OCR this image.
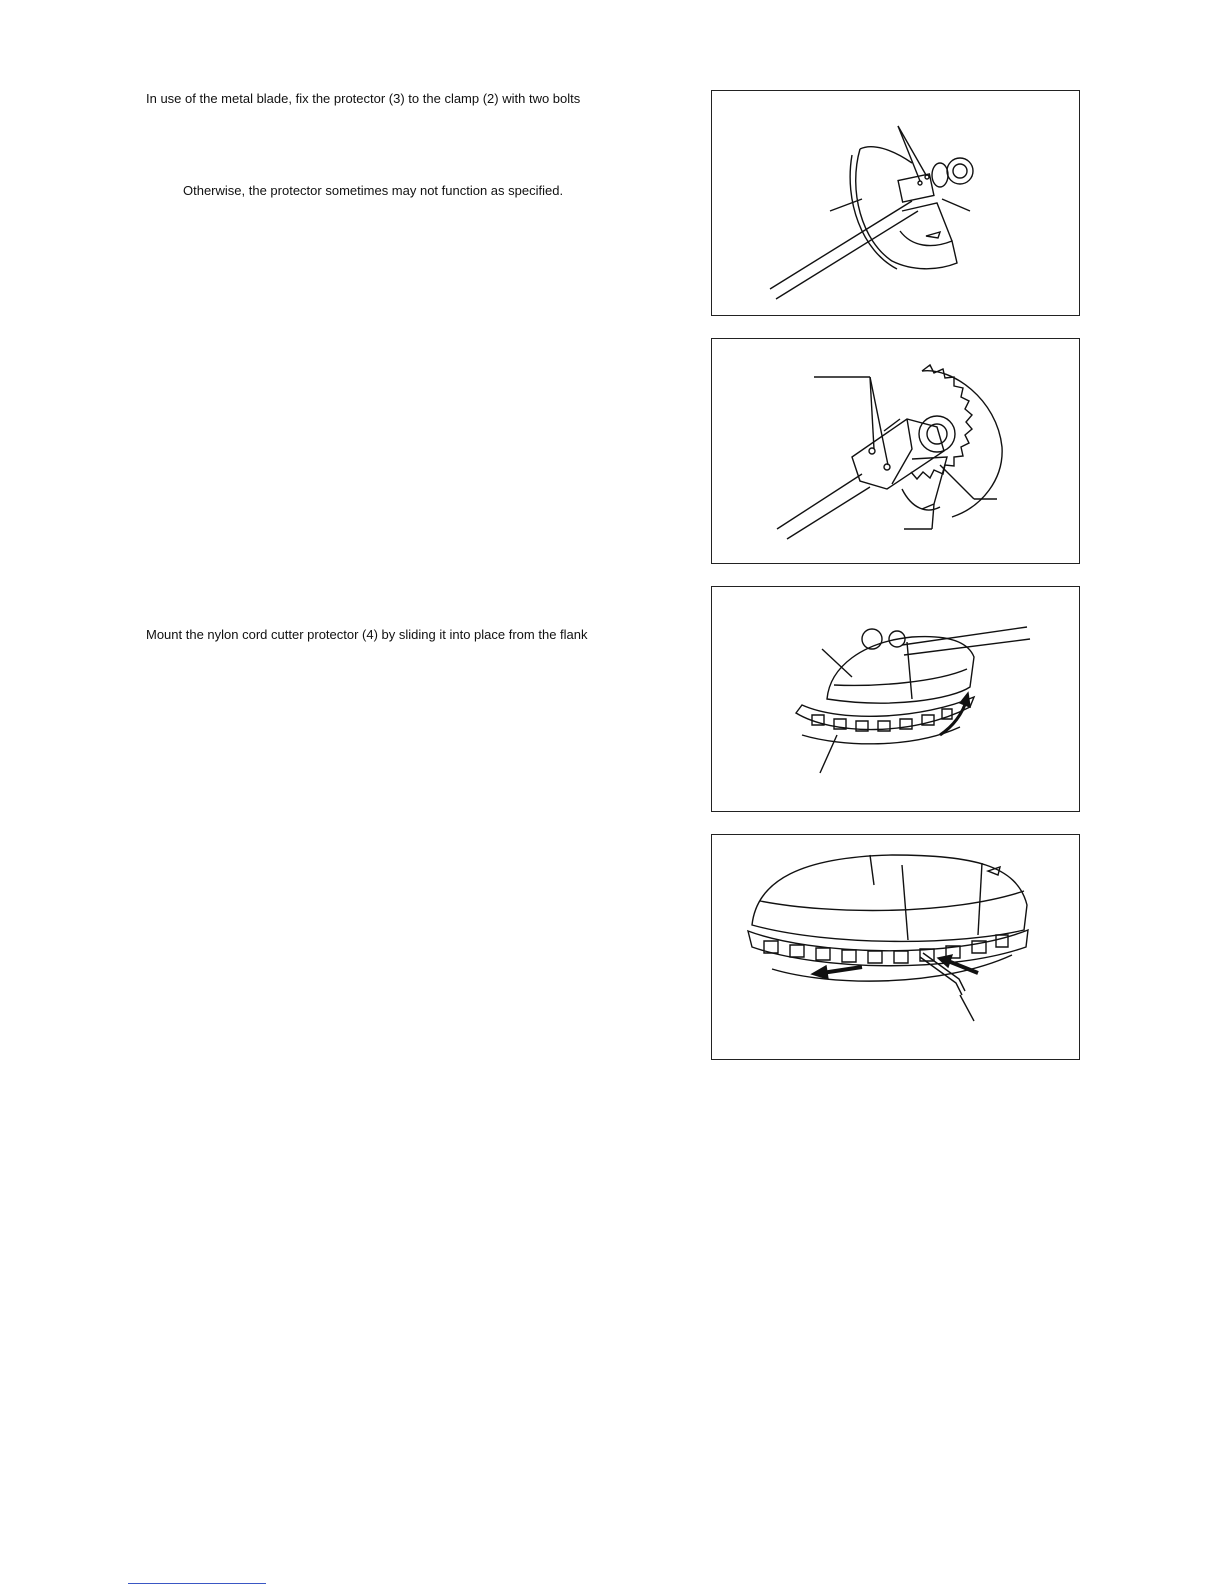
In use of the metal blade, fix the protector (3) to the clamp (2) with two bolts
Otherwise, the protector sometimes may not function as specified.
Mount the nylon cord cutter protector (4) by sliding it into place from the flank
